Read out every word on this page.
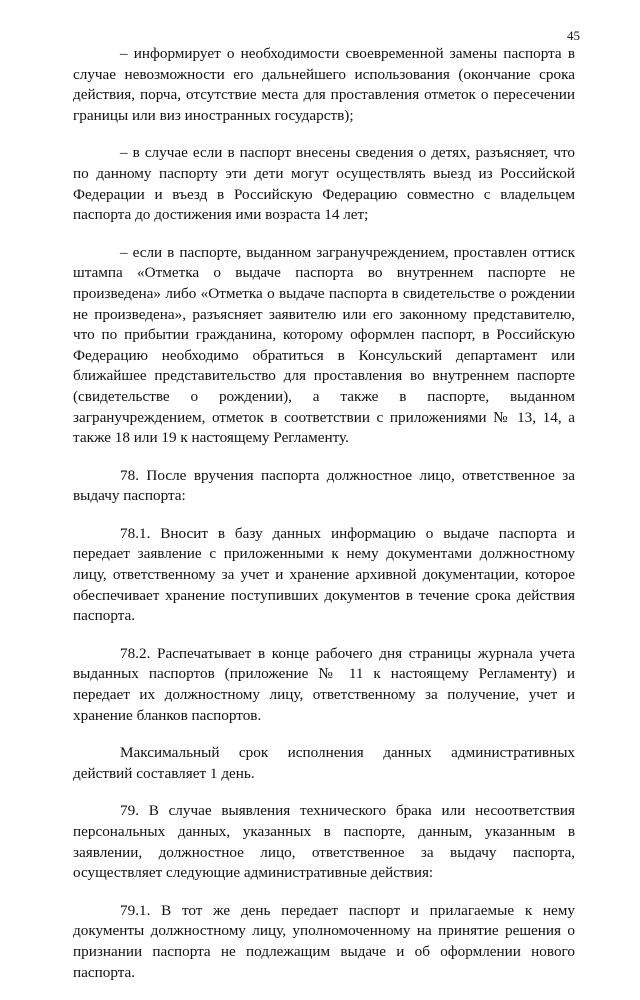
45

– информирует о необходимости своевременной замены паспорта в случае невозможности его дальнейшего использования (окончание срока действия, порча, отсутствие места для проставления отметок о пересечении границы или виз иностранных государств);

– в случае если в паспорт внесены сведения о детях, разъясняет, что по данному паспорту эти дети могут осуществлять выезд из Российской Федерации и въезд в Российскую Федерацию совместно с владельцем паспорта до достижения ими возраста 14 лет;

– если в паспорте, выданном загранучреждением, проставлен оттиск штампа «Отметка о выдаче паспорта во внутреннем паспорте не произведена» либо «Отметка о выдаче паспорта в свидетельстве о рождении не произведена», разъясняет заявителю или его законному представителю, что по прибытии гражданина, которому оформлен паспорт, в Российскую Федерацию необходимо обратиться в Консульский департамент или ближайшее представительство для проставления во внутреннем паспорте (свидетельстве о рождении), а также в паспорте, выданном загранучреждением, отметок в соответствии с приложениями № 13, 14, а также 18 или 19 к настоящему Регламенту.

78. После вручения паспорта должностное лицо, ответственное за выдачу паспорта:

78.1. Вносит в базу данных информацию о выдаче паспорта и передает заявление с приложенными к нему документами должностному лицу, ответственному за учет и хранение архивной документации, которое обеспечивает хранение поступивших документов в течение срока действия паспорта.

78.2. Распечатывает в конце рабочего дня страницы журнала учета выданных паспортов (приложение № 11 к настоящему Регламенту) и передает их должностному лицу, ответственному за получение, учет и хранение бланков паспортов.

Максимальный срок исполнения данных административных действий составляет 1 день.

79. В случае выявления технического брака или несоответствия персональных данных, указанных в паспорте, данным, указанным в заявлении, должностное лицо, ответственное за выдачу паспорта, осуществляет следующие административные действия:

79.1. В тот же день передает паспорт и прилагаемые к нему документы должностному лицу, уполномоченному на принятие решения о признании паспорта не подлежащим выдаче и об оформлении нового паспорта.
